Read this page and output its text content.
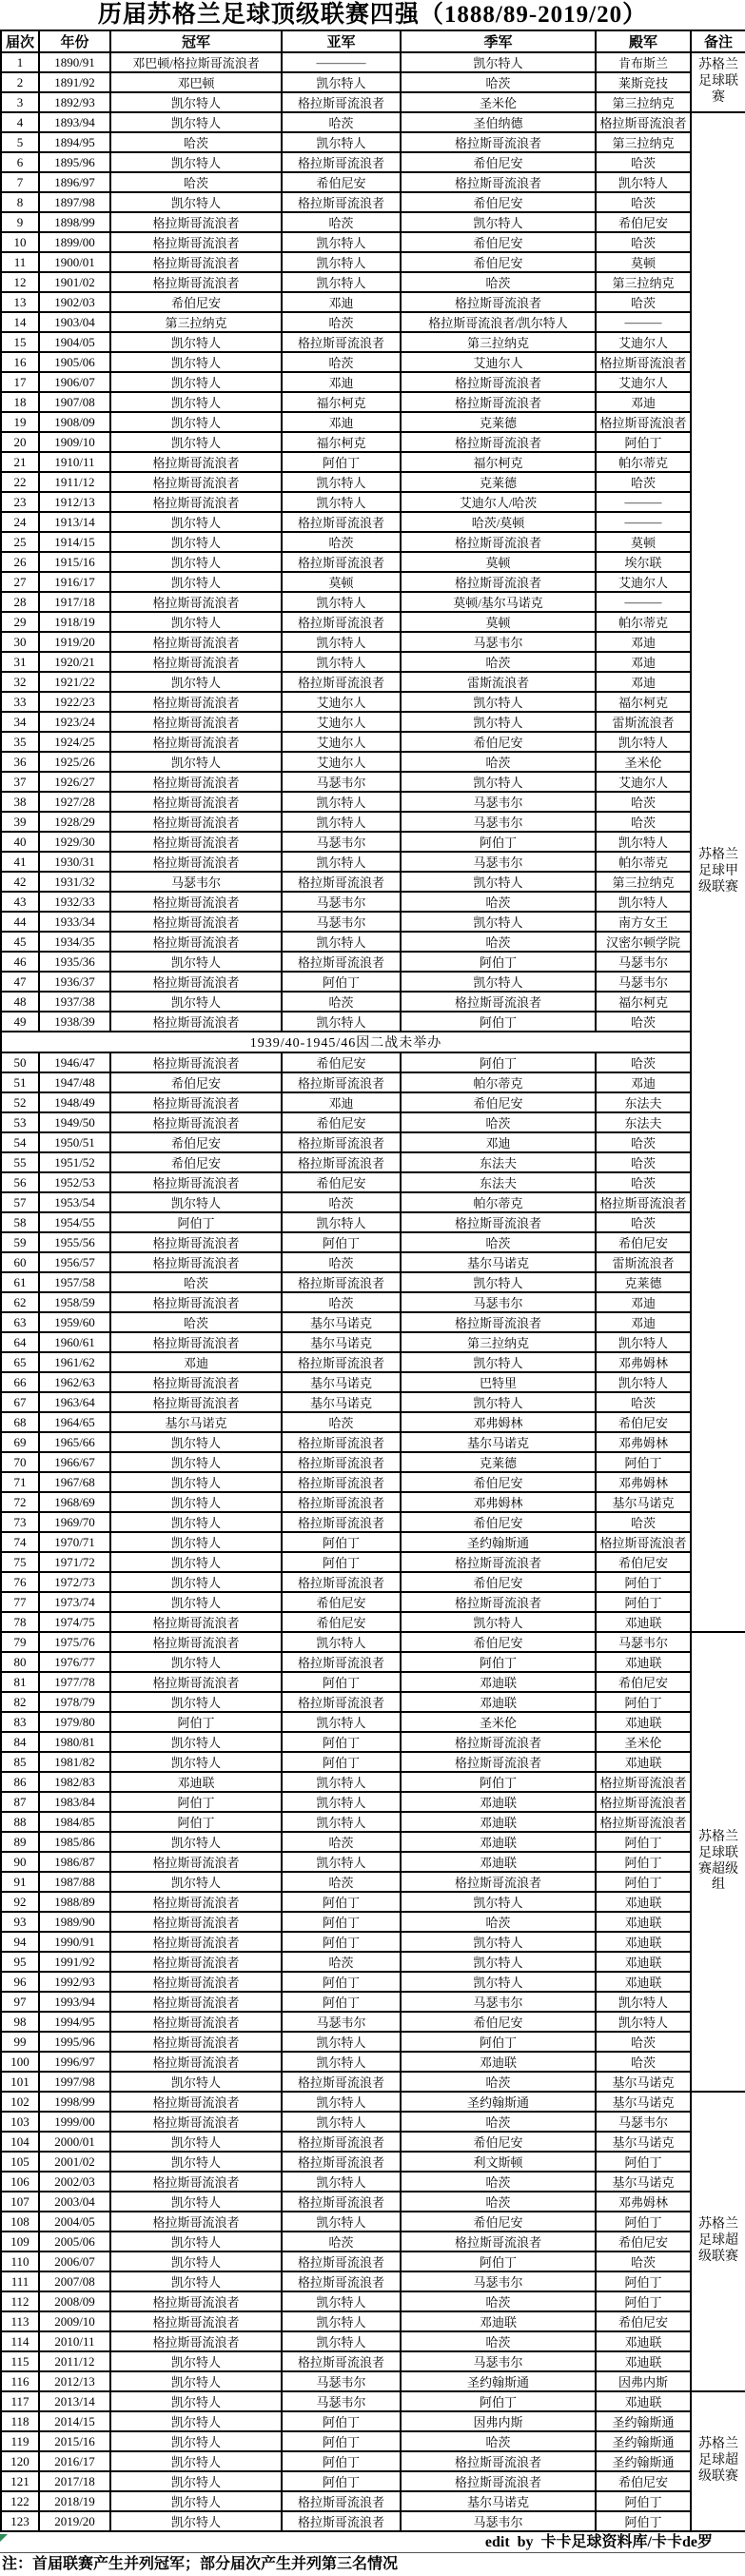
历届苏格兰足球顶级联赛四强（1888/89-2019/20）
届次	年份	冠军	亚军	季军	殿军	备注
1	1890/91	邓巴顿/格拉斯哥流浪者	————	凯尔特人	肯布斯兰	苏格兰足球联赛
2	1891/92	邓巴顿	凯尔特人	哈茨	莱斯竞技	
3	1892/93	凯尔特人	格拉斯哥流浪者	圣米伦	第三拉纳克	
4	1893/94	凯尔特人	哈茨	圣伯纳德	格拉斯哥流浪者	苏格兰足球甲级联赛
5	1894/95	哈茨	凯尔特人	格拉斯哥流浪者	第三拉纳克	
6	1895/96	凯尔特人	格拉斯哥流浪者	希伯尼安	哈茨	
7	1896/97	哈茨	希伯尼安	格拉斯哥流浪者	凯尔特人	
8	1897/98	凯尔特人	格拉斯哥流浪者	希伯尼安	哈茨	
9	1898/99	格拉斯哥流浪者	哈茨	凯尔特人	希伯尼安	
10	1899/00	格拉斯哥流浪者	凯尔特人	希伯尼安	哈茨	
11	1900/01	格拉斯哥流浪者	凯尔特人	希伯尼安	莫顿	
12	1901/02	格拉斯哥流浪者	凯尔特人	哈茨	第三拉纳克	
13	1902/03	希伯尼安	邓迪	格拉斯哥流浪者	哈茨	
14	1903/04	第三拉纳克	哈茨	格拉斯哥流浪者/凯尔特人	———	
15	1904/05	凯尔特人	格拉斯哥流浪者	第三拉纳克	艾迪尔人	
16	1905/06	凯尔特人	哈茨	艾迪尔人	格拉斯哥流浪者	
17	1906/07	凯尔特人	邓迪	格拉斯哥流浪者	艾迪尔人	
18	1907/08	凯尔特人	福尔柯克	格拉斯哥流浪者	邓迪	
19	1908/09	凯尔特人	邓迪	克莱德	格拉斯哥流浪者	
20	1909/10	凯尔特人	福尔柯克	格拉斯哥流浪者	阿伯丁	
21	1910/11	格拉斯哥流浪者	阿伯丁	福尔柯克	帕尔蒂克	
22	1911/12	格拉斯哥流浪者	凯尔特人	克莱德	哈茨	
23	1912/13	格拉斯哥流浪者	凯尔特人	艾迪尔人/哈茨	———	
24	1913/14	凯尔特人	格拉斯哥流浪者	哈茨/莫顿	———	
25	1914/15	凯尔特人	哈茨	格拉斯哥流浪者	莫顿	
26	1915/16	凯尔特人	格拉斯哥流浪者	莫顿	埃尔联	
27	1916/17	凯尔特人	莫顿	格拉斯哥流浪者	艾迪尔人	
28	1917/18	格拉斯哥流浪者	凯尔特人	莫顿/基尔马诺克	———	
29	1918/19	凯尔特人	格拉斯哥流浪者	莫顿	帕尔蒂克	
30	1919/20	格拉斯哥流浪者	凯尔特人	马瑟韦尔	邓迪	
31	1920/21	格拉斯哥流浪者	凯尔特人	哈茨	邓迪	
32	1921/22	凯尔特人	格拉斯哥流浪者	雷斯流浪者	邓迪	
33	1922/23	格拉斯哥流浪者	艾迪尔人	凯尔特人	福尔柯克	
34	1923/24	格拉斯哥流浪者	艾迪尔人	凯尔特人	雷斯流浪者	
35	1924/25	格拉斯哥流浪者	艾迪尔人	希伯尼安	凯尔特人	
36	1925/26	凯尔特人	艾迪尔人	哈茨	圣米伦	
37	1926/27	格拉斯哥流浪者	马瑟韦尔	凯尔特人	艾迪尔人	
38	1927/28	格拉斯哥流浪者	凯尔特人	马瑟韦尔	哈茨	
39	1928/29	格拉斯哥流浪者	凯尔特人	马瑟韦尔	哈茨	
40	1929/30	格拉斯哥流浪者	马瑟韦尔	阿伯丁	凯尔特人	
41	1930/31	格拉斯哥流浪者	凯尔特人	马瑟韦尔	帕尔蒂克	
42	1931/32	马瑟韦尔	格拉斯哥流浪者	凯尔特人	第三拉纳克	
43	1932/33	格拉斯哥流浪者	马瑟韦尔	哈茨	凯尔特人	
44	1933/34	格拉斯哥流浪者	马瑟韦尔	凯尔特人	南方女王	
45	1934/35	格拉斯哥流浪者	凯尔特人	哈茨	汉密尔顿学院	
46	1935/36	凯尔特人	格拉斯哥流浪者	阿伯丁	马瑟韦尔	
47	1936/37	格拉斯哥流浪者	阿伯丁	凯尔特人	马瑟韦尔	
48	1937/38	凯尔特人	哈茨	格拉斯哥流浪者	福尔柯克	
49	1938/39	格拉斯哥流浪者	凯尔特人	阿伯丁	哈茨	
1939/40-1945/46因二战未举办						
50	1946/47	格拉斯哥流浪者	希伯尼安	阿伯丁	哈茨	
51	1947/48	希伯尼安	格拉斯哥流浪者	帕尔蒂克	邓迪	
52	1948/49	格拉斯哥流浪者	邓迪	希伯尼安	东法夫	
53	1949/50	格拉斯哥流浪者	希伯尼安	哈茨	东法夫	
54	1950/51	希伯尼安	格拉斯哥流浪者	邓迪	哈茨	
55	1951/52	希伯尼安	格拉斯哥流浪者	东法夫	哈茨	
56	1952/53	格拉斯哥流浪者	希伯尼安	东法夫	哈茨	
57	1953/54	凯尔特人	哈茨	帕尔蒂克	格拉斯哥流浪者	
58	1954/55	阿伯丁	凯尔特人	格拉斯哥流浪者	哈茨	
59	1955/56	格拉斯哥流浪者	阿伯丁	哈茨	希伯尼安	
60	1956/57	格拉斯哥流浪者	哈茨	基尔马诺克	雷斯流浪者	
61	1957/58	哈茨	格拉斯哥流浪者	凯尔特人	克莱德	
62	1958/59	格拉斯哥流浪者	哈茨	马瑟韦尔	邓迪	
63	1959/60	哈茨	基尔马诺克	格拉斯哥流浪者	邓迪	
64	1960/61	格拉斯哥流浪者	基尔马诺克	第三拉纳克	凯尔特人	
65	1961/62	邓迪	格拉斯哥流浪者	凯尔特人	邓弗姆林	
66	1962/63	格拉斯哥流浪者	基尔马诺克	巴特里	凯尔特人	
67	1963/64	格拉斯哥流浪者	基尔马诺克	凯尔特人	哈茨	
68	1964/65	基尔马诺克	哈茨	邓弗姆林	希伯尼安	
69	1965/66	凯尔特人	格拉斯哥流浪者	基尔马诺克	邓弗姆林	
70	1966/67	凯尔特人	格拉斯哥流浪者	克莱德	阿伯丁	
71	1967/68	凯尔特人	格拉斯哥流浪者	希伯尼安	邓弗姆林	
72	1968/69	凯尔特人	格拉斯哥流浪者	邓弗姆林	基尔马诺克	
73	1969/70	凯尔特人	格拉斯哥流浪者	希伯尼安	哈茨	
74	1970/71	凯尔特人	阿伯丁	圣约翰斯通	格拉斯哥流浪者	
75	1971/72	凯尔特人	阿伯丁	格拉斯哥流浪者	希伯尼安	
76	1972/73	凯尔特人	格拉斯哥流浪者	希伯尼安	阿伯丁	
77	1973/74	凯尔特人	希伯尼安	格拉斯哥流浪者	阿伯丁	
78	1974/75	格拉斯哥流浪者	希伯尼安	凯尔特人	邓迪联	
79	1975/76	格拉斯哥流浪者	凯尔特人	希伯尼安	马瑟韦尔	苏格兰足球联赛超级组
80	1976/77	凯尔特人	格拉斯哥流浪者	阿伯丁	邓迪联	
81	1977/78	格拉斯哥流浪者	阿伯丁	邓迪联	希伯尼安	
82	1978/79	凯尔特人	格拉斯哥流浪者	邓迪联	阿伯丁	
83	1979/80	阿伯丁	凯尔特人	圣米伦	邓迪联	
84	1980/81	凯尔特人	阿伯丁	格拉斯哥流浪者	圣米伦	
85	1981/82	凯尔特人	阿伯丁	格拉斯哥流浪者	邓迪联	
86	1982/83	邓迪联	凯尔特人	阿伯丁	格拉斯哥流浪者	
87	1983/84	阿伯丁	凯尔特人	邓迪联	格拉斯哥流浪者	
88	1984/85	阿伯丁	凯尔特人	邓迪联	格拉斯哥流浪者	
89	1985/86	凯尔特人	哈茨	邓迪联	阿伯丁	
90	1986/87	格拉斯哥流浪者	凯尔特人	邓迪联	阿伯丁	
91	1987/88	凯尔特人	哈茨	格拉斯哥流浪者	阿伯丁	
92	1988/89	格拉斯哥流浪者	阿伯丁	凯尔特人	邓迪联	
93	1989/90	格拉斯哥流浪者	阿伯丁	哈茨	邓迪联	
94	1990/91	格拉斯哥流浪者	阿伯丁	凯尔特人	邓迪联	
95	1991/92	格拉斯哥流浪者	哈茨	凯尔特人	邓迪联	
96	1992/93	格拉斯哥流浪者	阿伯丁	凯尔特人	邓迪联	
97	1993/94	格拉斯哥流浪者	阿伯丁	马瑟韦尔	凯尔特人	
98	1994/95	格拉斯哥流浪者	马瑟韦尔	希伯尼安	凯尔特人	
99	1995/96	格拉斯哥流浪者	凯尔特人	阿伯丁	哈茨	
100	1996/97	格拉斯哥流浪者	凯尔特人	邓迪联	哈茨	
101	1997/98	凯尔特人	格拉斯哥流浪者	哈茨	基尔马诺克	
102	1998/99	格拉斯哥流浪者	凯尔特人	圣约翰斯通	基尔马诺克	苏格兰足球超级联赛
103	1999/00	格拉斯哥流浪者	凯尔特人	哈茨	马瑟韦尔	
104	2000/01	凯尔特人	格拉斯哥流浪者	希伯尼安	基尔马诺克	
105	2001/02	凯尔特人	格拉斯哥流浪者	利文斯顿	阿伯丁	
106	2002/03	格拉斯哥流浪者	凯尔特人	哈茨	基尔马诺克	
107	2003/04	凯尔特人	格拉斯哥流浪者	哈茨	邓弗姆林	
108	2004/05	格拉斯哥流浪者	凯尔特人	希伯尼安	阿伯丁	
109	2005/06	凯尔特人	哈茨	格拉斯哥流浪者	希伯尼安	
110	2006/07	凯尔特人	格拉斯哥流浪者	阿伯丁	哈茨	
111	2007/08	凯尔特人	格拉斯哥流浪者	马瑟韦尔	阿伯丁	
112	2008/09	格拉斯哥流浪者	凯尔特人	哈茨	阿伯丁	
113	2009/10	格拉斯哥流浪者	凯尔特人	邓迪联	希伯尼安	
114	2010/11	格拉斯哥流浪者	凯尔特人	哈茨	邓迪联	
115	2011/12	凯尔特人	格拉斯哥流浪者	马瑟韦尔	邓迪联	
116	2012/13	凯尔特人	马瑟韦尔	圣约翰斯通	因弗内斯	
117	2013/14	凯尔特人	马瑟韦尔	阿伯丁	邓迪联	苏格兰足球超级联赛
118	2014/15	凯尔特人	阿伯丁	因弗内斯	圣约翰斯通	
119	2015/16	凯尔特人	阿伯丁	哈茨	圣约翰斯通	
120	2016/17	凯尔特人	阿伯丁	格拉斯哥流浪者	圣约翰斯通	
121	2017/18	凯尔特人	阿伯丁	格拉斯哥流浪者	希伯尼安	
122	2018/19	凯尔特人	格拉斯哥流浪者	基尔马诺克	阿伯丁	
123	2019/20	凯尔特人	格拉斯哥流浪者	马瑟韦尔	阿伯丁	
edit  by  卡卡足球资料库/卡卡de罗
注：首届联赛产生并列冠军；部分届次产生并列第三名情况
